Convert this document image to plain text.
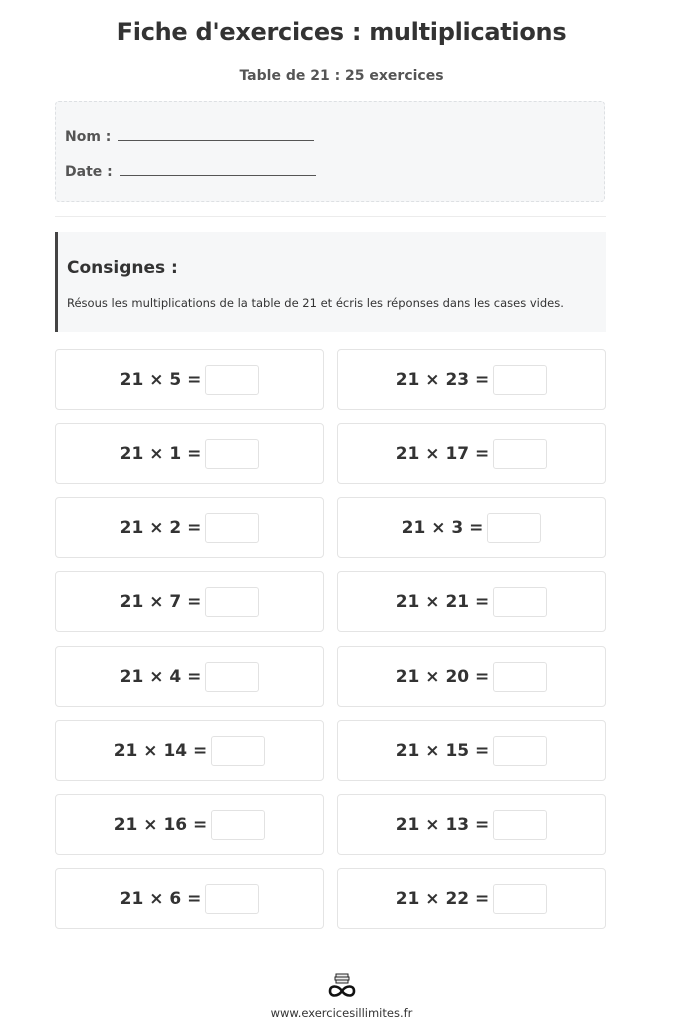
Fiche d'exercices : multiplications
Table de 21 : 25 exercices
Nom :
Date :
Consignes :

Résous les multiplications de la table de 21 et écris les réponses dans les cases vides.

21 × 5 =	21 × 23 =
21 × 1 =	21 × 17 =
21 × 2 =	21 × 3 =
21 × 7 =	21 × 21 =
21 × 4 =	21 × 20 =
21 × 14 =	21 × 15 =
21 × 16 =	21 × 13 =
21 × 6 =	21 × 22 =
www.exercicesillimites.fr
